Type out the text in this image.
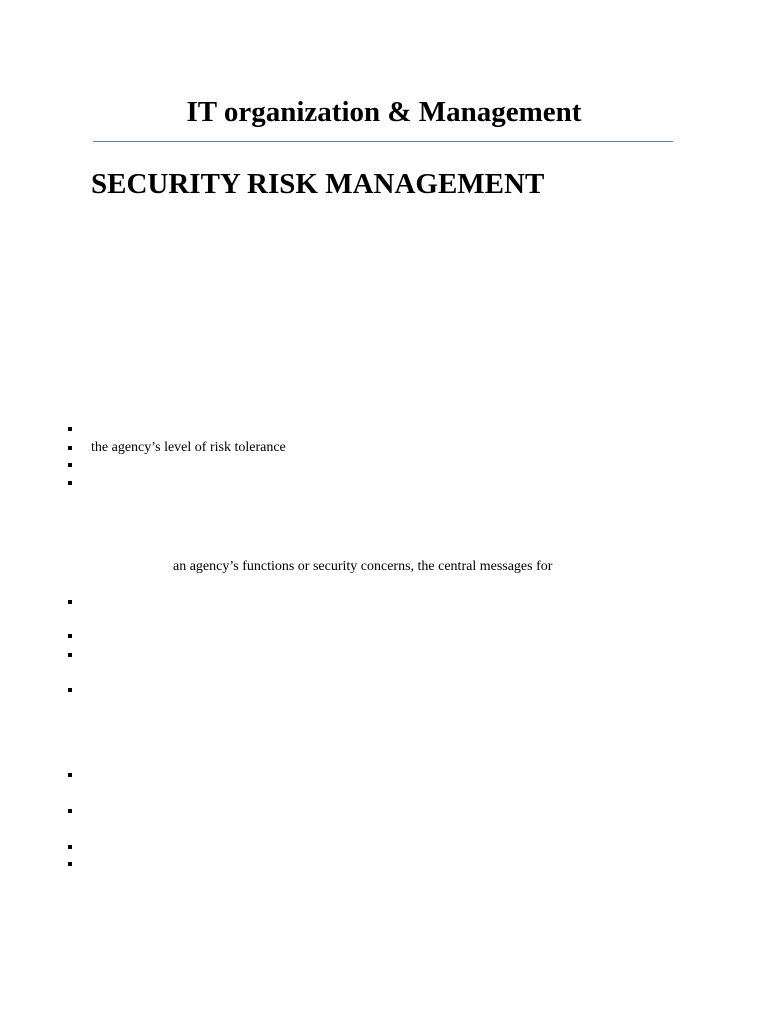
IT organization & Management
SECURITY RISK MANAGEMENT
the agency’s level of risk tolerance

an agency’s functions or security concerns, the central messages for
